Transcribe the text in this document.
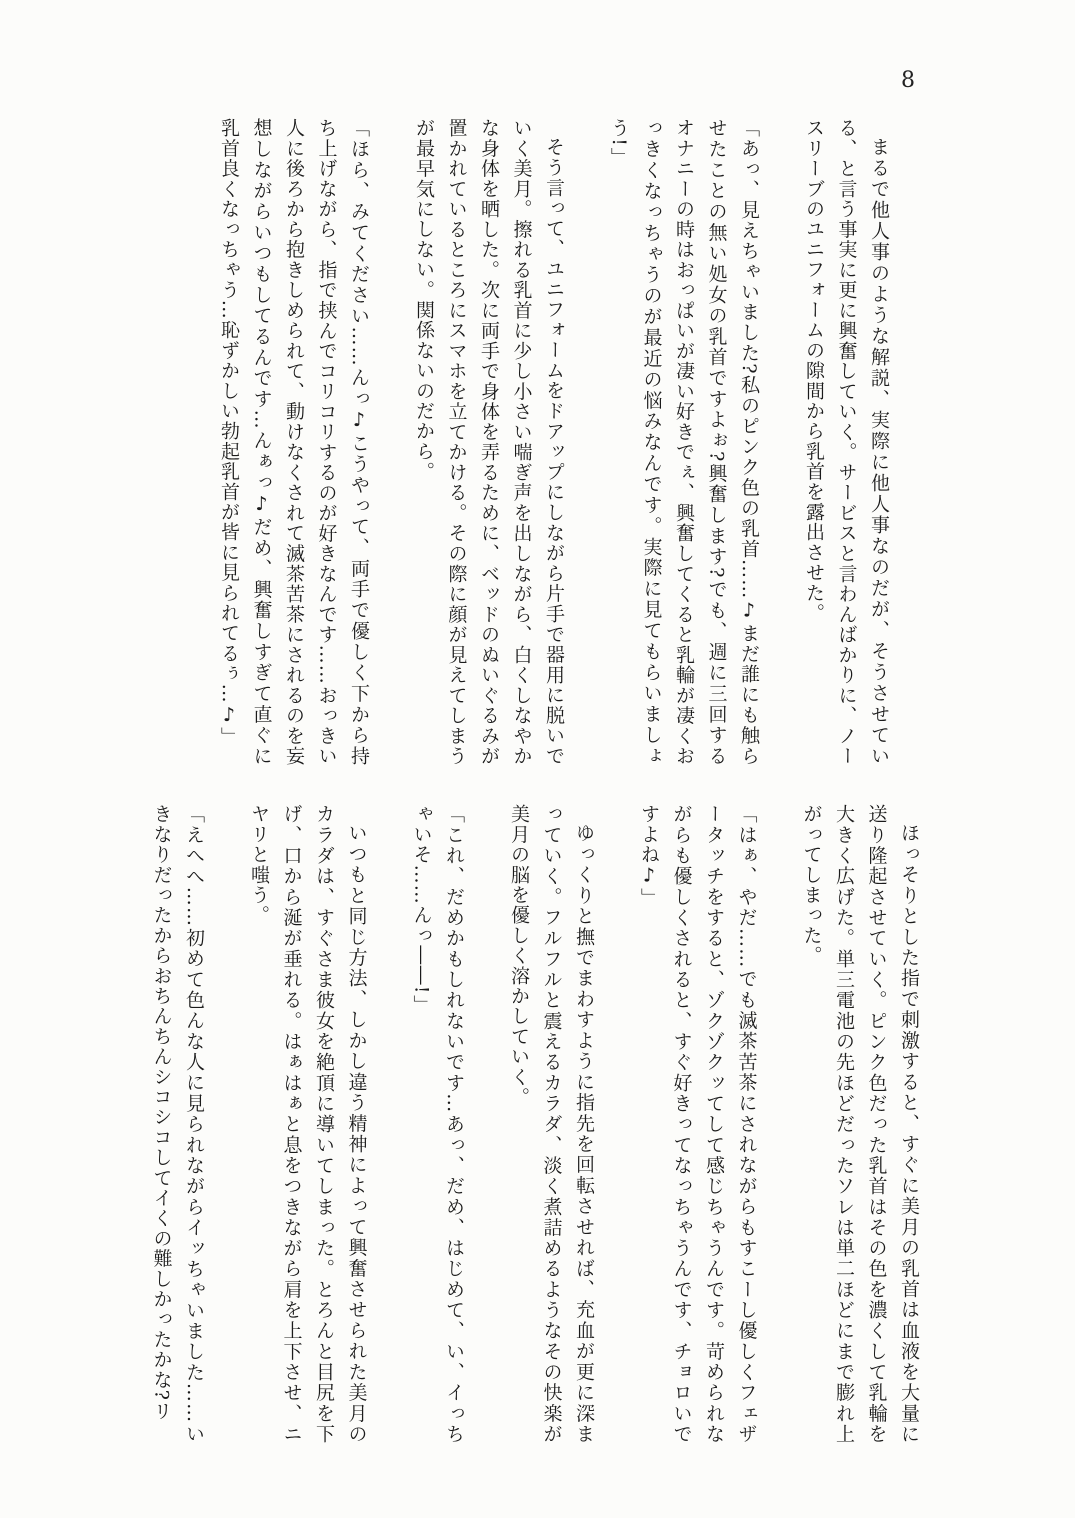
8

まるで他人事のような解説、実際に他人事なのだが、そうさせている、と言う事実に更に興奮していく。サービスと言わんばかりに、ノースリーブのユニフォームの隙間から乳首を露出させた。

「あっ、見えちゃいました?私のピンク色の乳首……♪まだ誰にも触らせたことの無い処女の乳首ですよぉ?興奮します?でも、週に三回するオナニーの時はおっぱいが凄い好きでぇ、興奮してくると乳輪が凄くおっきくなっちゃうのが最近の悩みなんです。実際に見てもらいましょう!」

そう言って、ユニフォームをドアップにしながら片手で器用に脱いでいく美月。擦れる乳首に少し小さい喘ぎ声を出しながら、白くしなやかな身体を晒した。次に両手で身体を弄るために、ベッドのぬいぐるみが置かれているところにスマホを立てかける。その際に顔が見えてしまうが最早気にしない。関係ないのだから。

「ほら、みてください……んっ♪こうやって、両手で優しく下から持ち上げながら、指で挟んでコリコリするのが好きなんです……おっきい人に後ろから抱きしめられて、動けなくされて滅茶苦茶にされるのを妄想しながらいつもしてるんです…んぁっ♪だめ、興奮しすぎて直ぐに乳首良くなっちゃう…恥ずかしい勃起乳首が皆に見られてるぅ…♪」

ほっそりとした指で刺激すると、すぐに美月の乳首は血液を大量に送り隆起させていく。ピンク色だった乳首はその色を濃くして乳輪を大きく広げた。単三電池の先ほどだったソレは単二ほどにまで膨れ上がってしまった。

「はぁ、やだ……でも滅茶苦茶にされながらもすこーし優しくフェザータッチをすると、ゾクゾクッてして感じちゃうんです。苛められながらも優しくされると、すぐ好きってなっちゃうんです、チョロいですよね♪」

ゆっくりと撫でまわすように指先を回転させれば、充血が更に深まっていく。フルフルと震えるカラダ、淡く煮詰めるようなその快楽が美月の脳を優しく溶かしていく。

「これ、だめかもしれないです…あっ、だめ、はじめて、い、イっちゃいそ……んっ――!」

いつもと同じ方法、しかし違う精神によって興奮させられた美月のカラダは、すぐさま彼女を絶頂に導いてしまった。とろんと目尻を下げ、口から涎が垂れる。はぁはぁと息をつきながら肩を上下させ、ニヤリと嗤う。

「えへへ……初めて色んな人に見られながらイッちゃいました……いきなりだったからおちんちんシコシコしてイくの難しかったかな?リ
